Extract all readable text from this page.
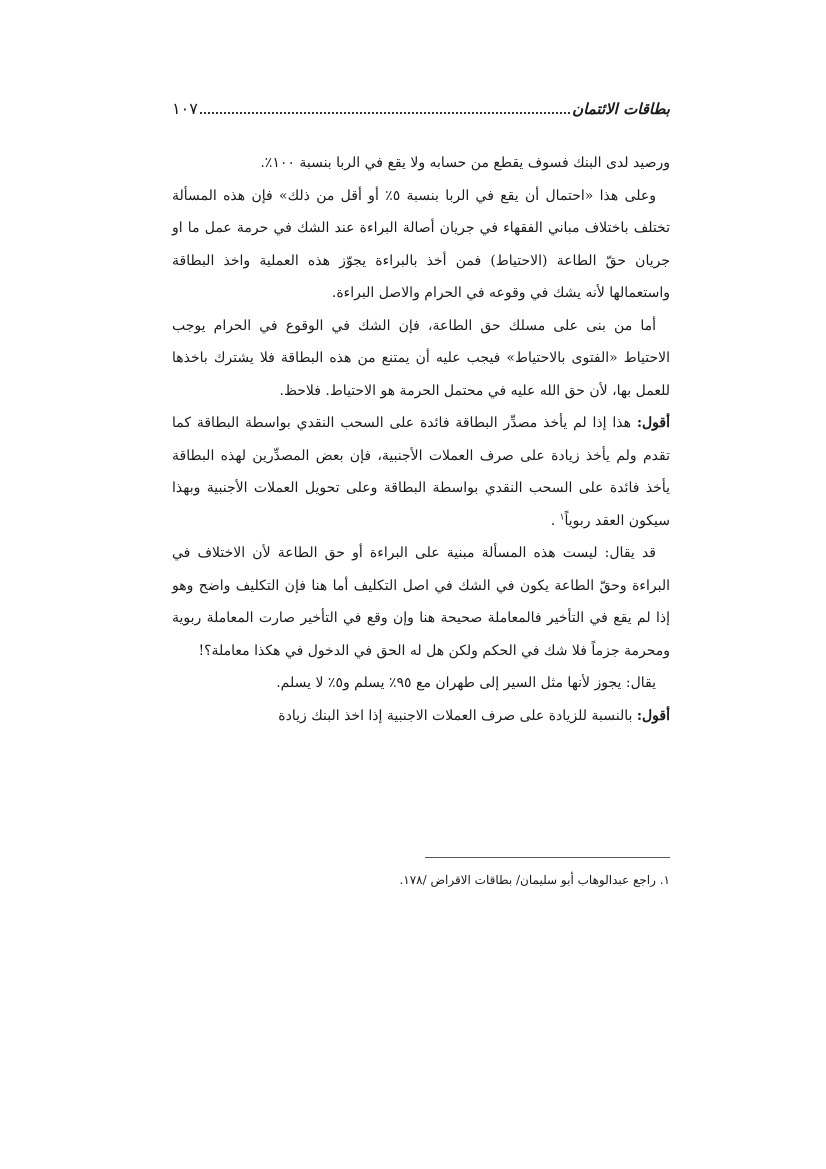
بطاقات الائتمان
١٠٧

ورصيد لدى البنك فسوف يقطع من حسابه ولا يقع في الربا بنسبة ١٠٠٪.

وعلى هذا «احتمال أن يقع في الربا بنسبة ٥٪ أو أقل من ذلك» فإن هذه المسألة تختلف باختلاف مباني الفقهاء في جريان أصالة البراءة عند الشك في حرمة عمل ما او جريان حقّ الطاعة (الاحتياط) فمن أخذ بالبراءة يجوّز هذه العملية واخذ البطاقة واستعمالها لأنه يشك في وقوعه في الحرام والاصل البراءة.

أما من بنى على مسلك حق الطاعة، فإن الشك في الوقوع في الحرام يوجب الاحتياط «الفتوى بالاحتياط» فيجب عليه أن يمتنع من هذه البطاقة فلا يشترك باخذها للعمل بها، لأن حق الله عليه في محتمل الحرمة هو الاحتياط. فلاحظ.

أقول: هذا إذا لم يأخذ مصدِّر البطاقة فائدة على السحب النقدي بواسطة البطاقة كما تقدم ولم يأخذ زيادة على صرف العملات الأجنبية، فإن بعض المصدِّرين لهذه البطاقة يأخذ فائدة على السحب النقدي بواسطة البطاقة وعلى تحويل العملات الأجنبية وبهذا سيكون العقد ربوياً$^١$ .

قد يقال: ليست هذه المسألة مبنية على البراءة أو حق الطاعة لأن الاختلاف في البراءة وحقّ الطاعة يكون في الشك في اصل التكليف أما هنا فإن التكليف واضح وهو إذا لم يقع في التأخير فالمعاملة صحيحة هنا وإن وقع في التأخير صارت المعاملة ربوية ومحرمة جزماً فلا شك في الحكم ولكن هل له الحق في الدخول في هكذا معاملة؟!

يقال: يجوز لأنها مثل السير إلى طهران مع ٩٥٪ يسلم و٥٪ لا يسلم.

أقول: بالنسبة للزيادة على صرف العملات الاجنبية إذا اخذ البنك زيادة

١. راجع عبدالوهاب أبو سليمان/ بطاقات الاقراض /١٧٨.
